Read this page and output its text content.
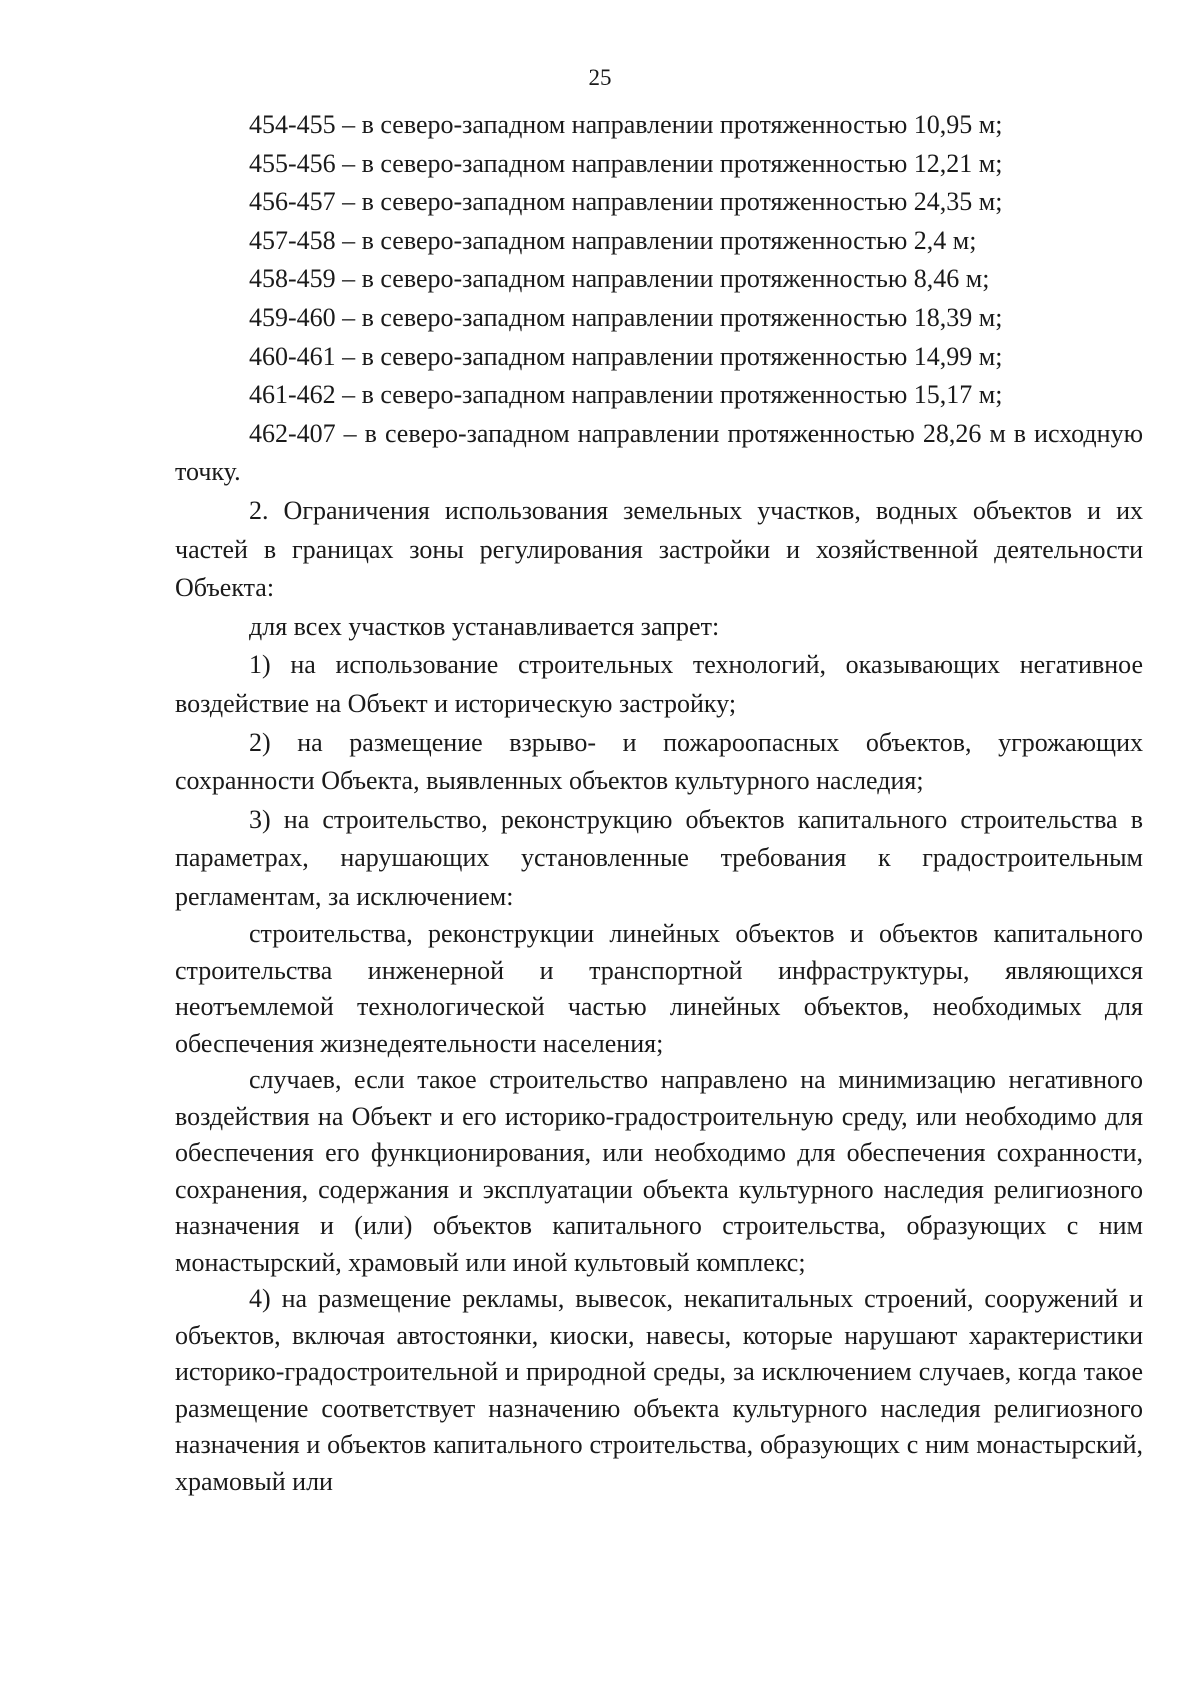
25
454-455 – в северо-западном направлении протяженностью 10,95 м;
455-456 – в северо-западном направлении протяженностью 12,21 м;
456-457 – в северо-западном направлении протяженностью 24,35 м;
457-458 – в северо-западном направлении протяженностью 2,4 м;
458-459 – в северо-западном направлении протяженностью 8,46 м;
459-460 – в северо-западном направлении протяженностью 18,39 м;
460-461 – в северо-западном направлении протяженностью 14,99 м;
461-462 – в северо-западном направлении протяженностью 15,17 м;

462-407 – в северо-западном направлении протяженностью 28,26 м в исходную точку.

2. Ограничения использования земельных участков, водных объектов и их частей в границах зоны регулирования застройки и хозяйственной деятельности Объекта:

для всех участков устанавливается запрет:

1) на использование строительных технологий, оказывающих негативное воздействие на Объект и историческую застройку;

2) на размещение взрыво- и пожароопасных объектов, угрожающих сохранности Объекта, выявленных объектов культурного наследия;

3) на строительство, реконструкцию объектов капитального строительства в параметрах, нарушающих установленные требования к градостроительным регламентам, за исключением:

строительства, реконструкции линейных объектов и объектов капитального строительства инженерной и транспортной инфраструктуры, являющихся неотъемлемой технологической частью линейных объектов, необходимых для обеспечения жизнедеятельности населения;

случаев, если такое строительство направлено на минимизацию негативного воздействия на Объект и его историко-градостроительную среду, или необходимо для обеспечения его функционирования, или необходимо для обеспечения сохранности, сохранения, содержания и эксплуатации объекта культурного наследия религиозного назначения и (или) объектов капитального строительства, образующих с ним монастырский, храмовый или иной культовый комплекс;

4) на размещение рекламы, вывесок, некапитальных строений, сооружений и объектов, включая автостоянки, киоски, навесы, которые нарушают характеристики историко-градостроительной и природной среды, за исключением случаев, когда такое размещение соответствует назначению объекта культурного наследия религиозного назначения и объектов капитального строительства, образующих с ним монастырский, храмовый или
